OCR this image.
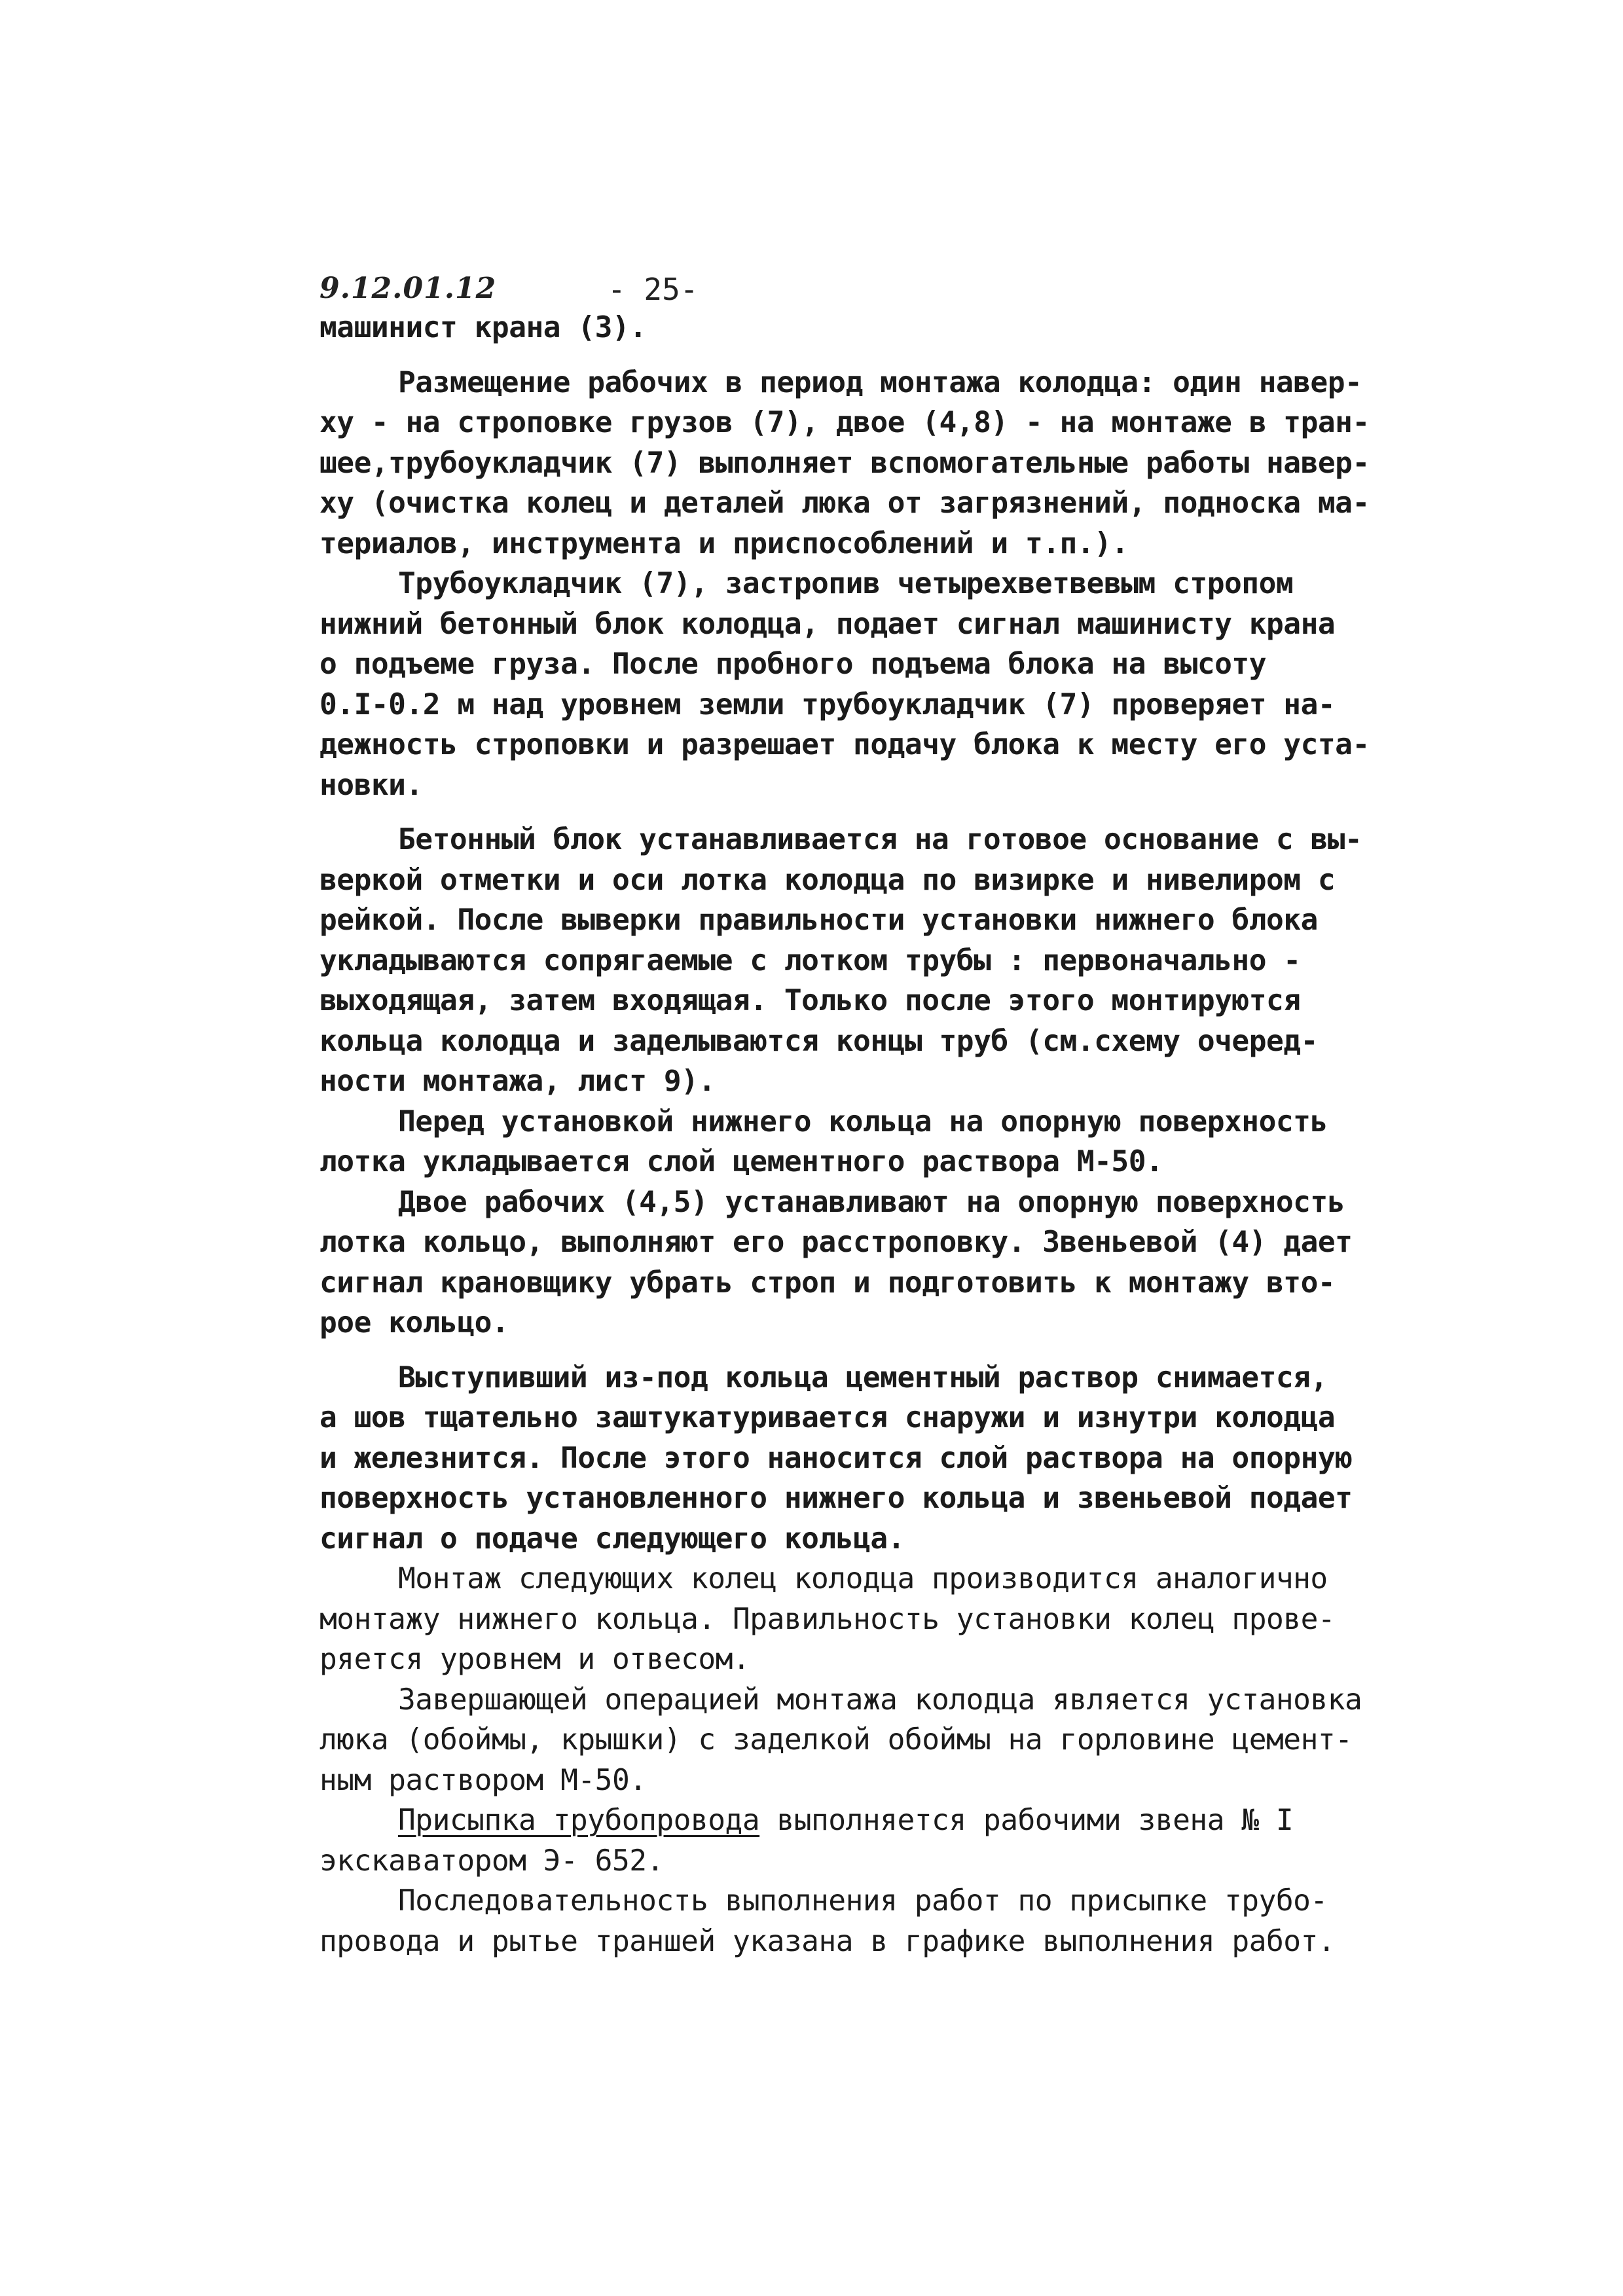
9.12.01.12	- 25-
машинист крана (3).
Размещение рабочих в период монтажа колодца: один навер-
ху - на строповке грузов (7), двое (4,8) - на монтаже в тран-
шее,трубоукладчик (7) выполняет вспомогательные работы навер-
ху (очистка колец и деталей люка от загрязнений, подноска ма-
териалов, инструмента и приспособлений и т.п.).
Трубоукладчик (7), застропив четырехветвевым стропом
нижний бетонный блок колодца, подает сигнал машинисту крана
о подъеме груза. После пробного подъема блока на высоту
0.I-0.2 м над уровнем земли трубоукладчик (7) проверяет на-
дежность строповки и разрешает подачу блока к месту его уста-
новки.
Бетонный блок устанавливается на готовое основание с вы-
веркой отметки и оси лотка колодца по визирке и нивелиром с
рейкой. После выверки правильности установки нижнего блока
укладываются сопрягаемые с лотком трубы : первоначально -
выходящая, затем входящая. Только после этого монтируются
кольца колодца и заделываются концы труб (см.схему очеред-
ности монтажа, лист 9).
Перед установкой нижнего кольца на опорную поверхность
лотка укладывается слой цементного раствора М-50.
Двое рабочих (4,5) устанавливают на опорную поверхность
лотка кольцо, выполняют его расстроповку. Звеньевой (4) дает
сигнал крановщику убрать строп и подготовить к монтажу вто-
рое кольцо.
Выступивший из-под кольца цементный раствор снимается,
а шов тщательно заштукатуривается снаружи и изнутри колодца
и железнится. После этого наносится слой раствора на опорную
поверхность установленного нижнего кольца и звеньевой подает
сигнал о подаче следующего кольца.
Монтаж следующих колец колодца производится аналогично
монтажу нижнего кольца. Правильность установки колец прове-
ряется уровнем и отвесом.
Завершающей операцией монтажа колодца является установка
люка (обоймы, крышки) с заделкой обоймы на горловине цемент-
ным раствором М-50.
Присыпка трубопровода выполняется рабочими звена № I
экскаватором Э- 652.
Последовательность выполнения работ по присыпке трубо-
провода и рытье траншей указана в графике выполнения работ.
